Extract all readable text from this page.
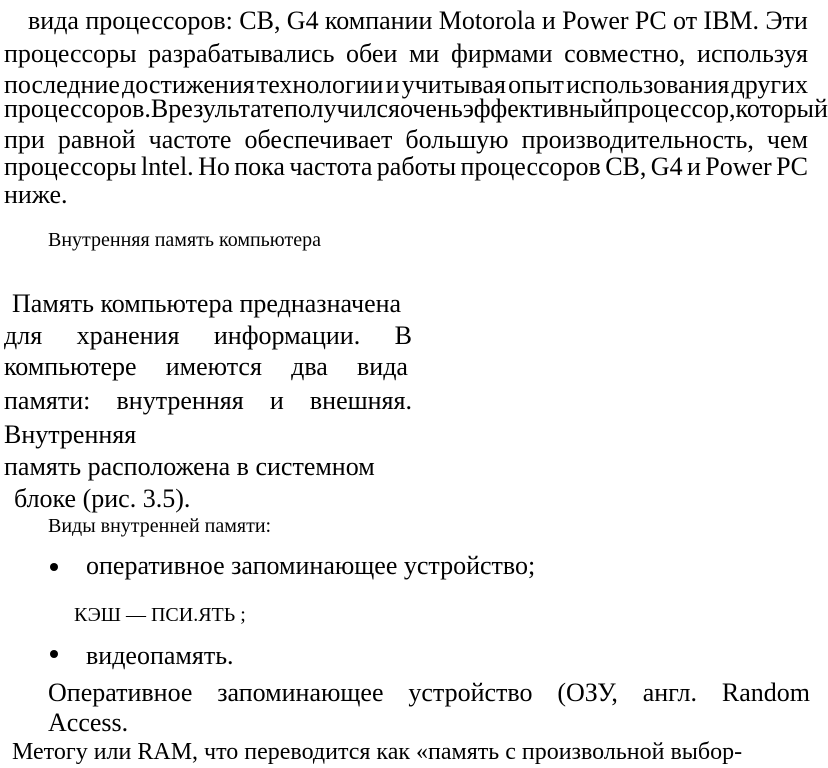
вида процессоров: СВ, G4 компании Motorola и Power PC от IBM. Эти
процессоры разрабатывались обеи ми фирмами совместно, используя
последние достижения технологии и учитывая опыт использования других
процессоров. В результате получился очень эффективный процессор, который
при равной частоте обеспечивает большую производительность, чем
процессоры lntel. Но пока частота работы процессоров СВ, G4 и Power PC
ниже.
Внутренняя память компьютера
Память компьютера предназначена
для хранения информации. В
компьютере имеются два вида
памяти: внутренняя и внешняя.
Внутренняя
память расположена в системном
блоке (рис. 3.5).
Виды внутренней памяти:
оперативное запоминающее устройство;
КЭШ — ПСИ.ЯТЬ ;
видеопамять.
Оперативное запоминающее устройство (ОЗУ, англ. Random
Access.
Метогу или RAM, что переводится как «память с произвольной выбор-
